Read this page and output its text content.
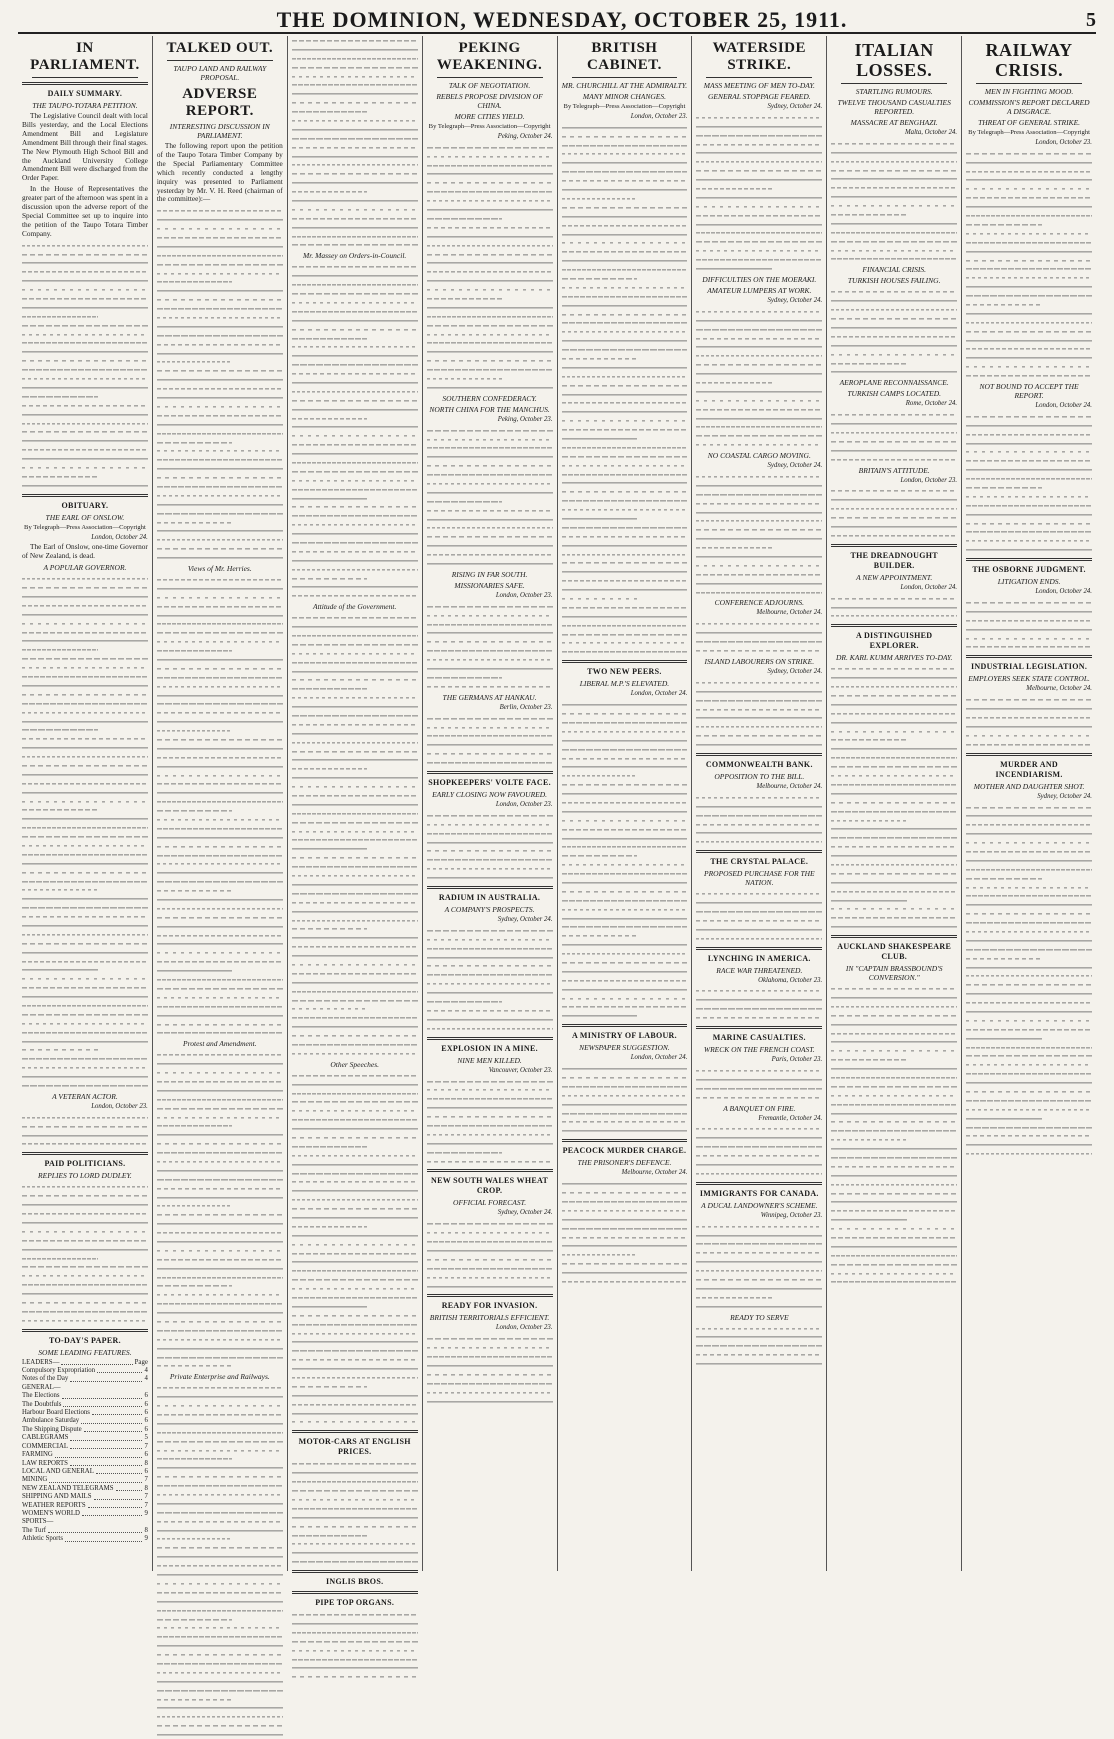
THE DOMINION, WEDNESDAY, OCTOBER 25, 1911.	5
IN PARLIAMENT.
DAILY SUMMARY.
THE TAUPO-TOTARA PETITION.
The Legislative Council dealt with local Bills yesterday, and the Local Elections Amendment Bill and Legislature Amendment Bill through their final stages. The New Plymouth High School Bill and the Auckland University College Amendment Bill were discharged from the Order Paper.
In the House of Representatives the greater part of the afternoon was spent in a discussion upon the adverse report of the Special Committee set up to inquire into the petition of the Taupo Totara Timber Company.
OBITUARY.
THE EARL OF ONSLOW.
By Telegraph—Press Association—Copyright
London, October 24.
The Earl of Onslow, one-time Governor of New Zealand, is dead.
A POPULAR GOVERNOR.
A VETERAN ACTOR.
London, October 23.
PAID POLITICIANS.
REPLIES TO LORD DUDLEY.
TO-DAY'S PAPER.
SOME LEADING FEATURES.
LEADERS—	Page
Compulsory Expropriation	4
Notes of the Day	4
GENERAL—
The Elections	6
The Doubtfuls	6
Harbour Board Elections	6
Ambulance Saturday	6
The Shipping Dispute	6
CABLEGRAMS	5
COMMERCIAL	7
FARMING	6
LAW REPORTS	8
LOCAL AND GENERAL	6
MINING	7
NEW ZEALAND TELEGRAMS	8
SHIPPING AND MAILS	7
WEATHER REPORTS	7
WOMEN'S WORLD	9
SPORTS—
The Turf	8
Athletic Sports	9
TALKED OUT.
TAUPO LAND AND RAILWAY PROPOSAL.
ADVERSE REPORT.
INTERESTING DISCUSSION IN PARLIAMENT.
The following report upon the petition of the Taupo Totara Timber Company by the Special Parliamentary Committee which recently conducted a lengthy inquiry was presented to Parliament yesterday by Mr. V. H. Reed (chairman of the committee):—
Views of Mr. Herries.
Protest and Amendment.
Private Enterprise and Railways.
Mr. Massey on Orders-in-Council.
Attitude of the Government.
Other Speeches.
MOTOR-CARS AT ENGLISH PRICES.
INGLIS BROS.
PIPE TOP ORGANS.
PEKING WEAKENING.
TALK OF NEGOTIATION.
REBELS PROPOSE DIVISION OF CHINA.
MORE CITIES YIELD.
By Telegraph—Press Association—Copyright
Peking, October 24.
SOUTHERN CONFEDERACY.
NORTH CHINA FOR THE MANCHUS.
Peking, October 23.
RISING IN FAR SOUTH.
MISSIONARIES SAFE.
London, October 23.
THE GERMANS AT HANKAU.
Berlin, October 23.
SHOPKEEPERS' VOLTE FACE.
EARLY CLOSING NOW FAVOURED.
London, October 23.
RADIUM IN AUSTRALIA.
A COMPANY'S PROSPECTS.
Sydney, October 24.
EXPLOSION IN A MINE.
NINE MEN KILLED.
Vancouver, October 23.
NEW SOUTH WALES WHEAT CROP.
OFFICIAL FORECAST.
Sydney, October 24.
READY FOR INVASION.
BRITISH TERRITORIALS EFFICIENT.
London, October 23.
BRITISH CABINET.
MR. CHURCHILL AT THE ADMIRALTY.
MANY MINOR CHANGES.
By Telegraph—Press Association—Copyright
London, October 23.
TWO NEW PEERS.
LIBERAL M.P.'S ELEVATED.
London, October 24.
A MINISTRY OF LABOUR.
NEWSPAPER SUGGESTION.
London, October 24.
PEACOCK MURDER CHARGE.
THE PRISONER'S DEFENCE.
Melbourne, October 24.
WATERSIDE STRIKE.
MASS MEETING OF MEN TO-DAY.
GENERAL STOPPAGE FEARED.
Sydney, October 24.
DIFFICULTIES ON THE MOERAKI.
AMATEUR LUMPERS AT WORK.
Sydney, October 24.
NO COASTAL CARGO MOVING.
Sydney, October 24.
CONFERENCE ADJOURNS.
Melbourne, October 24.
ISLAND LABOURERS ON STRIKE.
Sydney, October 24.
COMMONWEALTH BANK.
OPPOSITION TO THE BILL.
Melbourne, October 24.
THE CRYSTAL PALACE.
PROPOSED PURCHASE FOR THE NATION.
LYNCHING IN AMERICA.
RACE WAR THREATENED.
Oklahoma, October 23.
MARINE CASUALTIES.
WRECK ON THE FRENCH COAST.
Paris, October 23.
A BANQUET ON FIRE.
Fremantle, October 24.
IMMIGRANTS FOR CANADA.
A DUCAL LANDOWNER'S SCHEME.
Winnipeg, October 23.
READY TO SERVE
ITALIAN LOSSES.
STARTLING RUMOURS.
TWELVE THOUSAND CASUALTIES REPORTED.
MASSACRE AT BENGHAZI.
Malta, October 24.
FINANCIAL CRISIS.
TURKISH HOUSES FAILING.
AEROPLANE RECONNAISSANCE.
TURKISH CAMPS LOCATED.
Rome, October 24.
BRITAIN'S ATTITUDE.
London, October 23.
THE DREADNOUGHT BUILDER.
A NEW APPOINTMENT.
London, October 24.
A DISTINGUISHED EXPLORER.
DR. KARL KUMM ARRIVES TO-DAY.
AUCKLAND SHAKESPEARE CLUB.
IN "CAPTAIN BRASSBOUND'S CONVERSION."
RAILWAY CRISIS.
MEN IN FIGHTING MOOD.
COMMISSION'S REPORT DECLARED A DISGRACE.
THREAT OF GENERAL STRIKE.
By Telegraph—Press Association—Copyright
London, October 23.
NOT BOUND TO ACCEPT THE REPORT.
London, October 24.
THE OSBORNE JUDGMENT.
LITIGATION ENDS.
London, October 24.
INDUSTRIAL LEGISLATION.
EMPLOYERS SEEK STATE CONTROL.
Melbourne, October 24.
MURDER AND INCENDIARISM.
MOTHER AND DAUGHTER SHOT.
Sydney, October 24.
